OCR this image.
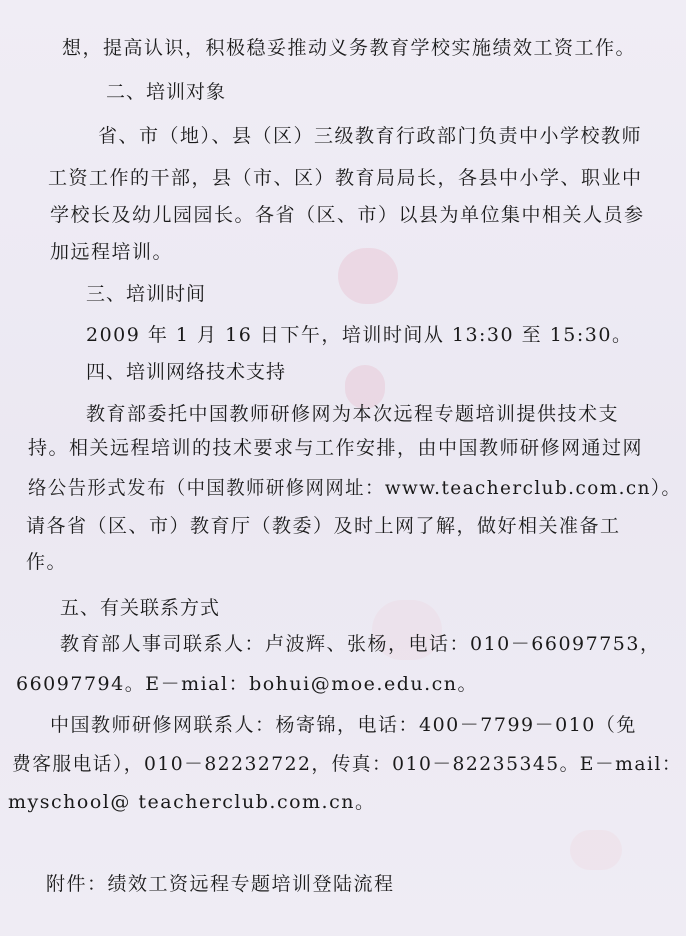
想，提高认识，积极稳妥推动义务教育学校实施绩效工资工作。
二、培训对象
省、市（地）、县（区）三级教育行政部门负责中小学校教师
工资工作的干部，县（市、区）教育局局长，各县中小学、职业中
学校长及幼儿园园长。各省（区、市）以县为单位集中相关人员参
加远程培训。
三、培训时间
2009 年 1 月 16 日下午，培训时间从 13:30 至 15:30。
四、培训网络技术支持
教育部委托中国教师研修网为本次远程专题培训提供技术支
持。相关远程培训的技术要求与工作安排，由中国教师研修网通过网
络公告形式发布（中国教师研修网网址：www.teacherclub.com.cn）。
请各省（区、市）教育厅（教委）及时上网了解，做好相关准备工
作。
五、有关联系方式
教育部人事司联系人：卢波辉、张杨，电话：010－66097753，
66097794。E－mial：bohui@moe.edu.cn。
中国教师研修网联系人：杨寄锦，电话：400－7799－010（免
费客服电话），010－82232722，传真：010－82235345。E－mail：
myschool@ teacherclub.com.cn。
附件：绩效工资远程专题培训登陆流程
